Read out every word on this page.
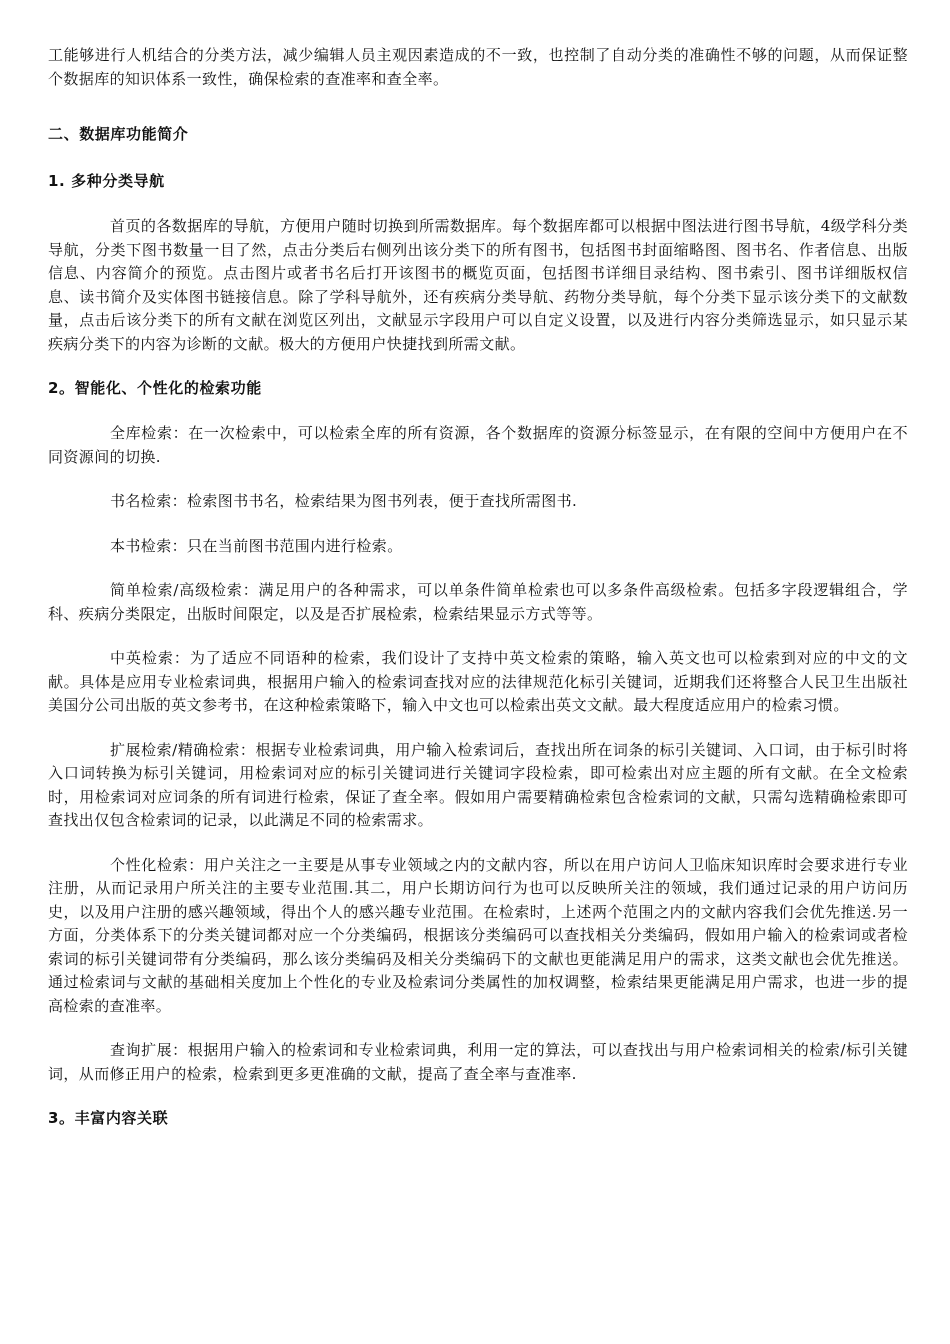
工能够进行人机结合的分类方法，减少编辑人员主观因素造成的不一致，也控制了自动分类的准确性不够的问题，从而保证整个数据库的知识体系一致性，确保检索的查准率和查全率。

二、数据库功能简介
1. 多种分类导航

首页的各数据库的导航，方便用户随时切换到所需数据库。每个数据库都可以根据中图法进行图书导航，4级学科分类导航，分类下图书数量一目了然，点击分类后右侧列出该分类下的所有图书，包括图书封面缩略图、图书名、作者信息、出版信息、内容简介的预览。点击图片或者书名后打开该图书的概览页面，包括图书详细目录结构、图书索引、图书详细版权信息、读书简介及实体图书链接信息。除了学科导航外，还有疾病分类导航、药物分类导航，每个分类下显示该分类下的文献数量，点击后该分类下的所有文献在浏览区列出，文献显示字段用户可以自定义设置，以及进行内容分类筛选显示，如只显示某疾病分类下的内容为诊断的文献。极大的方便用户快捷找到所需文献。

2。智能化、个性化的检索功能

全库检索：在一次检索中，可以检索全库的所有资源，各个数据库的资源分标签显示，在有限的空间中方便用户在不同资源间的切换.

书名检索：检索图书书名，检索结果为图书列表，便于查找所需图书.

本书检索：只在当前图书范围内进行检索。

简单检索/高级检索：满足用户的各种需求，可以单条件简单检索也可以多条件高级检索。包括多字段逻辑组合，学科、疾病分类限定，出版时间限定，以及是否扩展检索，检索结果显示方式等等。

中英检索：为了适应不同语种的检索，我们设计了支持中英文检索的策略，输入英文也可以检索到对应的中文的文献。具体是应用专业检索词典，根据用户输入的检索词查找对应的法律规范化标引关键词，近期我们还将整合人民卫生出版社美国分公司出版的英文参考书，在这种检索策略下，输入中文也可以检索出英文文献。最大程度适应用户的检索习惯。

扩展检索/精确检索：根据专业检索词典，用户输入检索词后，查找出所在词条的标引关键词、入口词，由于标引时将入口词转换为标引关键词，用检索词对应的标引关键词进行关键词字段检索，即可检索出对应主题的所有文献。在全文检索时，用检索词对应词条的所有词进行检索，保证了查全率。假如用户需要精确检索包含检索词的文献，只需勾选精确检索即可查找出仅包含检索词的记录，以此满足不同的检索需求。

个性化检索：用户关注之一主要是从事专业领域之内的文献内容，所以在用户访问人卫临床知识库时会要求进行专业注册，从而记录用户所关注的主要专业范围.其二，用户长期访问行为也可以反映所关注的领域，我们通过记录的用户访问历史，以及用户注册的感兴趣领域，得出个人的感兴趣专业范围。在检索时，上述两个范围之内的文献内容我们会优先推送.另一方面，分类体系下的分类关键词都对应一个分类编码，根据该分类编码可以查找相关分类编码，假如用户输入的检索词或者检索词的标引关键词带有分类编码，那么该分类编码及相关分类编码下的文献也更能满足用户的需求，这类文献也会优先推送。通过检索词与文献的基础相关度加上个性化的专业及检索词分类属性的加权调整，检索结果更能满足用户需求，也进一步的提高检索的查准率。

查询扩展：根据用户输入的检索词和专业检索词典，利用一定的算法，可以查找出与用户检索词相关的检索/标引关键词，从而修正用户的检索，检索到更多更准确的文献，提高了查全率与查准率.

3。丰富内容关联
